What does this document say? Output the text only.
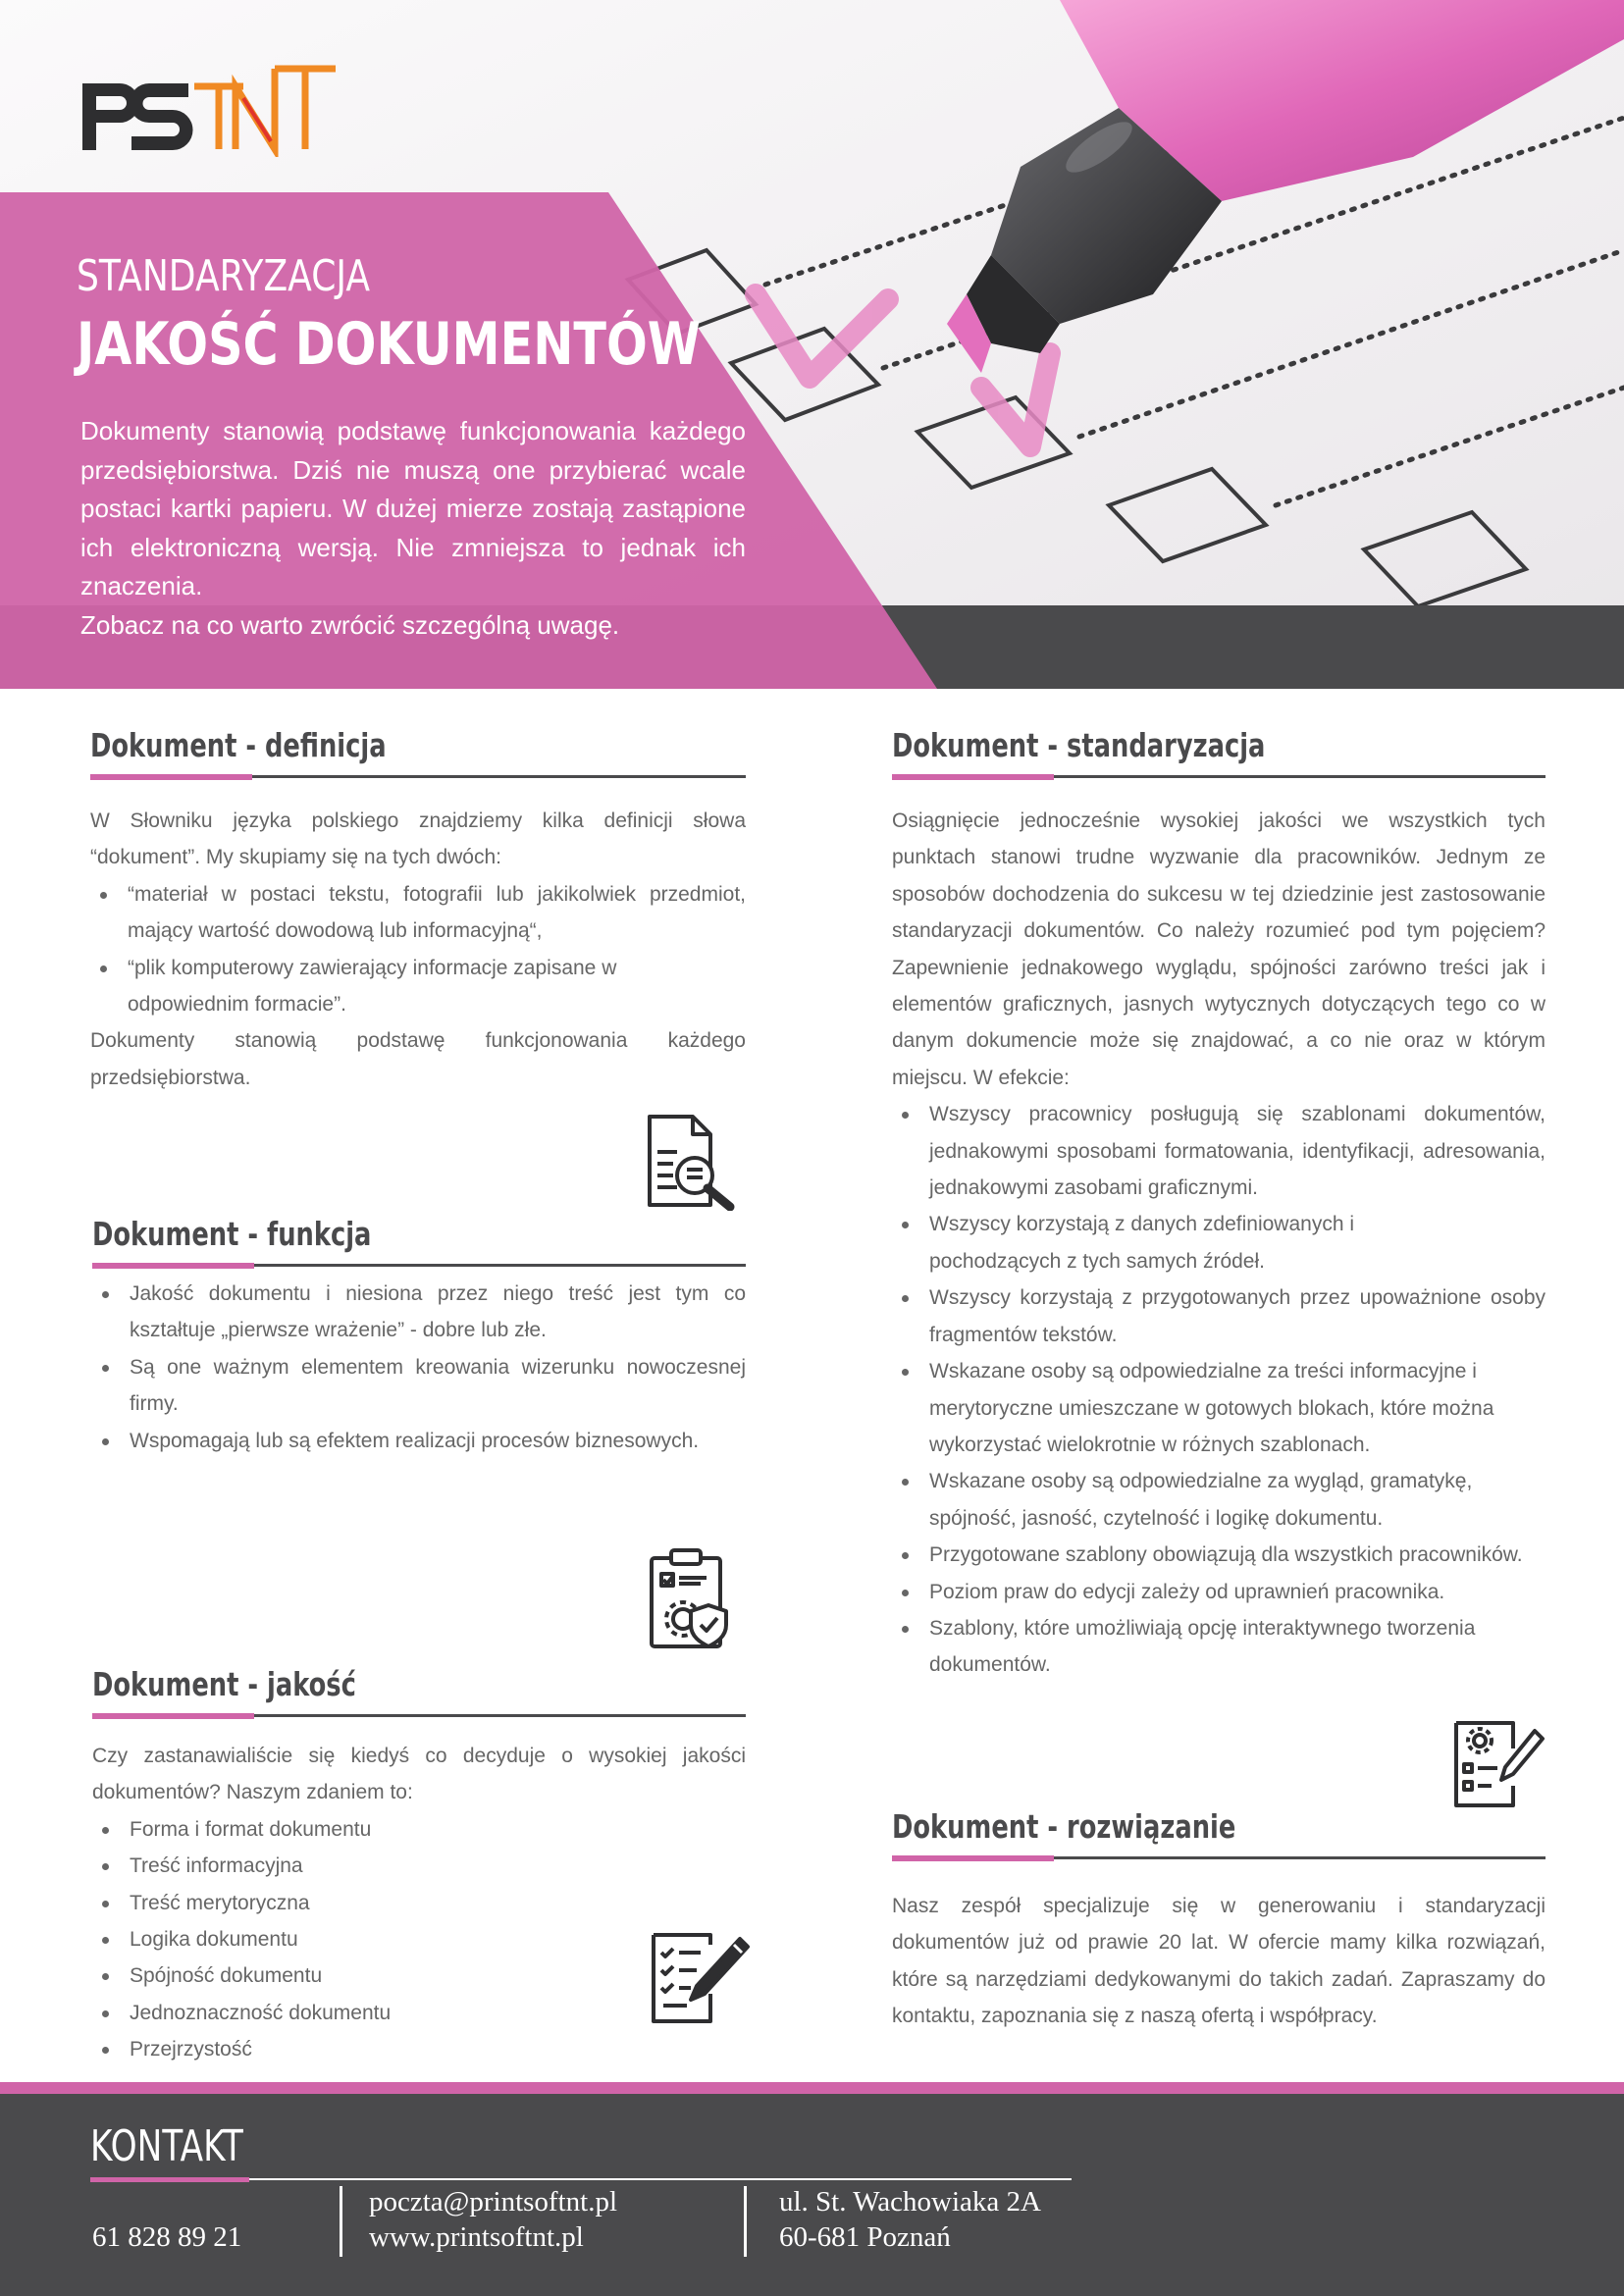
STANDARYZACJA
JAKOŚĆ DOKUMENTÓW

Dokumenty stanowią podstawę funkcjonowania każdego przedsiębiorstwa. Dziś nie muszą one przybierać wcale postaci kartki papieru. W dużej mierze zostają zastąpione ich elektroniczną wersją. Nie zmniejsza to jednak ich znaczenia.

Zobacz na co warto zwrócić szczególną uwagę.

Dokument - definicja

W Słowniku języka polskiego znajdziemy kilka definicji słowa “dokument”. My skupiamy się na tych dwóch:

“materiał w postaci tekstu, fotografii lub jakikolwiek przedmiot, mający wartość dowodową lub informacyjną“,
“plik komputerowy zawierający informacje zapisane w odpowiednim formacie”.

Dokumenty stanowią podstawę funkcjonowania każdego przedsiębiorstwa.

Dokument - funkcja
Jakość dokumentu i niesiona przez niego treść jest tym co kształtuje „pierwsze wrażenie” - dobre lub złe.
Są one ważnym elementem kreowania wizerunku nowoczesnej firmy.
Wspomagają lub są efektem realizacji procesów biznesowych.
Dokument - jakość

Czy zastanawialiście się kiedyś co decyduje o wysokiej jakości dokumentów? Naszym zdaniem to:

Forma i format dokumentu
Treść informacyjna
Treść merytoryczna
Logika dokumentu
Spójność dokumentu
Jednoznaczność dokumentu
Przejrzystość
Dokument - standaryzacja

Osiągnięcie jednocześnie wysokiej jakości we wszystkich tych punktach stanowi trudne wyzwanie dla pracowników. Jednym ze sposobów dochodzenia do sukcesu w tej dziedzinie jest zastosowanie standaryzacji dokumentów. Co należy rozumieć pod tym pojęciem? Zapewnienie jednakowego wyglądu, spójności zarówno treści jak i elementów graficznych, jasnych wytycznych dotyczących tego co w danym dokumencie może się znajdować, a co nie oraz w którym miejscu. W efekcie:

Wszyscy pracownicy posługują się szablonami dokumentów, jednakowymi sposobami formatowania, identyfikacji, adresowania, jednakowymi zasobami graficznymi.
Wszyscy korzystają z danych zdefiniowanych i pochodzących z tych samych źródeł.
Wszyscy korzystają z przygotowanych przez upoważnione osoby fragmentów tekstów.
Wskazane osoby są odpowiedzialne za treści informacyjne i merytoryczne umieszczane w gotowych blokach, które można wykorzystać wielokrotnie w różnych szablonach.
Wskazane osoby są odpowiedzialne za wygląd, gramatykę, spójność, jasność, czytelność i logikę dokumentu.
Przygotowane szablony obowiązują dla wszystkich pracowników.
Poziom praw do edycji zależy od uprawnień pracownika.
Szablony, które umożliwiają opcję interaktywnego tworzenia dokumentów.
Dokument - rozwiązanie

Nasz zespół specjalizuje się w generowaniu i standaryzacji dokumentów już od prawie 20 lat. W ofercie mamy kilka rozwiązań, które są narzędziami dedykowanymi do takich zadań. Zapraszamy do kontaktu, zapoznania się z naszą ofertą i współpracy.

KONTAKT
61 828 89 21
poczta@printsoftnt.pl
www.printsoftnt.pl
ul. St. Wachowiaka 2A
60-681 Poznań
